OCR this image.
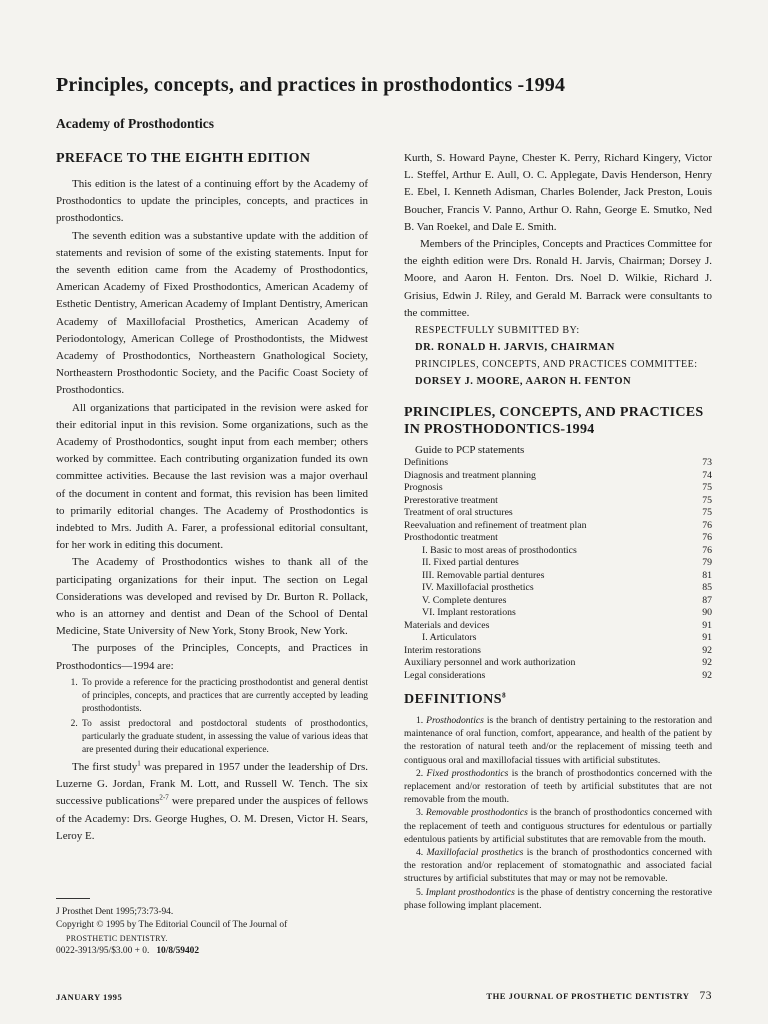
Principles, concepts, and practices in prosthodontics -1994
Academy of Prosthodontics
PREFACE TO THE EIGHTH EDITION

This edition is the latest of a continuing effort by the Academy of Prosthodontics to update the principles, concepts, and practices in prosthodontics.

The seventh edition was a substantive update with the addition of statements and revision of some of the existing statements. Input for the seventh edition came from the Academy of Prosthodontics, American Academy of Fixed Prosthodontics, American Academy of Esthetic Dentistry, American Academy of Implant Dentistry, American Academy of Maxillofacial Prosthetics, American Academy of Periodontology, American College of Prosthodontists, the Midwest Academy of Prosthodontics, Northeastern Gnathological Society, Northeastern Prosthodontic Society, and the Pacific Coast Society of Prosthodontics.

All organizations that participated in the revision were asked for their editorial input in this revision. Some organizations, such as the Academy of Prosthodontics, sought input from each member; others worked by committee. Each contributing organization funded its own committee activities. Because the last revision was a major overhaul of the document in content and format, this revision has been limited to primarily editorial changes. The Academy of Prosthodontics is indebted to Mrs. Judith A. Farer, a professional editorial consultant, for her work in editing this document.

The Academy of Prosthodontics wishes to thank all of the participating organizations for their input. The section on Legal Considerations was developed and revised by Dr. Burton R. Pollack, who is an attorney and dentist and Dean of the School of Dental Medicine, State University of New York, Stony Brook, New York.

The purposes of the Principles, Concepts, and Practices in Prosthodontics—1994 are:

1. To provide a reference for the practicing prosthodontist and general dentist of principles, concepts, and practices that are currently accepted by leading prosthodontists.
2. To assist predoctoral and postdoctoral students of prosthodontics, particularly the graduate student, in assessing the value of various ideas that are presented during their educational experience.

The first study$^1$ was prepared in 1957 under the leadership of Drs. Luzerne G. Jordan, Frank M. Lott, and Russell W. Tench. The six successive publications$^{2-7}$ were prepared under the auspices of fellows of the Academy: Drs. George Hughes, O. M. Dresen, Victor H. Sears, Leroy E.

Kurth, S. Howard Payne, Chester K. Perry, Richard Kingery, Victor L. Steffel, Arthur E. Aull, O. C. Applegate, Davis Henderson, Henry E. Ebel, I. Kenneth Adisman, Charles Bolender, Jack Preston, Louis Boucher, Francis V. Panno, Arthur O. Rahn, George E. Smutko, Ned B. Van Roekel, and Dale E. Smith.

Members of the Principles, Concepts and Practices Committee for the eighth edition were Drs. Ronald H. Jarvis, Chairman; Dorsey J. Moore, and Aaron H. Fenton. Drs. Noel D. Wilkie, Richard J. Grisius, Edwin J. Riley, and Gerald M. Barrack were consultants to the committee.

RESPECTFULLY SUBMITTED BY:

DR. RONALD H. JARVIS, CHAIRMAN

PRINCIPLES, CONCEPTS, AND PRACTICES COMMITTEE:

DORSEY J. MOORE, AARON H. FENTON

PRINCIPLES, CONCEPTS, AND PRACTICES IN PROSTHODONTICS-1994
Guide to PCP statements
Definitions	73
Diagnosis and treatment planning	74
Prognosis	75
Prerestorative treatment	75
Treatment of oral structures	75
Reevaluation and refinement of treatment plan	76
Prosthodontic treatment	76
I. Basic to most areas of prosthodontics	76
II. Fixed partial dentures	79
III. Removable partial dentures	81
IV. Maxillofacial prosthetics	85
V. Complete dentures	87
VI. Implant restorations	90
Materials and devices	91
I. Articulators	91
Interim restorations	92
Auxiliary personnel and work authorization	92
Legal considerations	92
DEFINITIONS$^8$

1. Prosthodontics is the branch of dentistry pertaining to the restoration and maintenance of oral function, comfort, appearance, and health of the patient by the restoration of natural teeth and/or the replacement of missing teeth and contiguous oral and maxillofacial tissues with artificial substitutes.

2. Fixed prosthodontics is the branch of prosthodontics concerned with the replacement and/or restoration of teeth by artificial substitutes that are not removable from the mouth.

3. Removable prosthodontics is the branch of prosthodontics concerned with the replacement of teeth and contiguous structures for edentulous or partially edentulous patients by artificial substitutes that are removable from the mouth.

4. Maxillofacial prosthetics is the branch of prosthodontics concerned with the restoration and/or replacement of stomatognathic and associated facial structures by artificial substitutes that may or may not be removable.

5. Implant prosthodontics is the phase of dentistry concerning the restorative phase following implant placement.

J Prosthet Dent 1995;73:73-94.

Copyright © 1995 by The Editorial Council of The Journal of

PROSTHETIC DENTISTRY.

0022-3913/95/$3.00 + 0. 10/8/59402

JANUARY 1995	THE JOURNAL OF PROSTHETIC DENTISTRY 73
